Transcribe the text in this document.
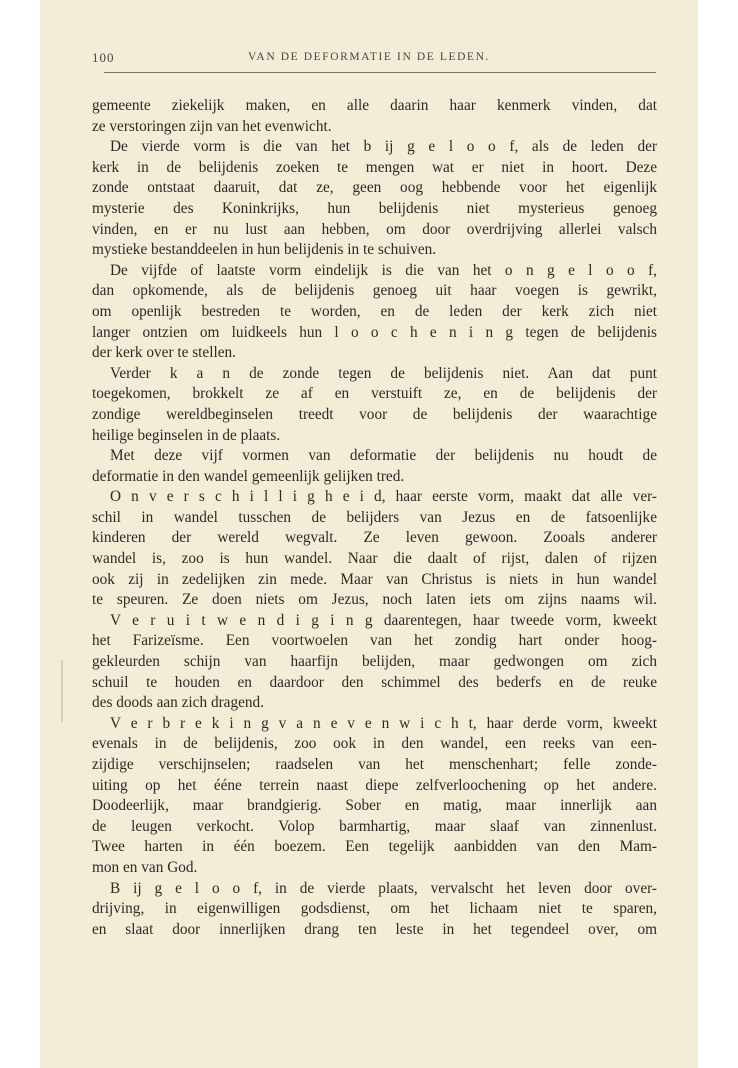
100	VAN DE DEFORMATIE IN DE LEDEN.
gemeente ziekelijk maken, en alle daarin haar kenmerk vinden, dat
ze verstoringen zijn van het evenwicht.
De vierde vorm is die van het b ij g e l o o f, als de leden der
kerk in de belijdenis zoeken te mengen wat er niet in hoort. Deze
zonde ontstaat daaruit, dat ze, geen oog hebbende voor het eigenlijk
mysterie des Koninkrijks, hun belijdenis niet mysterieus genoeg
vinden, en er nu lust aan hebben, om door overdrijving allerlei valsch
mystieke bestanddeelen in hun belijdenis in te schuiven.
De vijfde of laatste vorm eindelijk is die van het o n g e l o o f,
dan opkomende, als de belijdenis genoeg uit haar voegen is gewrikt,
om openlijk bestreden te worden, en de leden der kerk zich niet
langer ontzien om luidkeels hun l o o c h e n i n g tegen de belijdenis
der kerk over te stellen.
Verder k a n de zonde tegen de belijdenis niet. Aan dat punt
toegekomen, brokkelt ze af en verstuift ze, en de belijdenis der
zondige wereldbeginselen treedt voor de belijdenis der waarachtige
heilige beginselen in de plaats.
Met deze vijf vormen van deformatie der belijdenis nu houdt de
deformatie in den wandel gemeenlijk gelijken tred.
O n v e r s c h i l l i g h e i d, haar eerste vorm, maakt dat alle ver-
schil in wandel tusschen de belijders van Jezus en de fatsoenlijke
kinderen der wereld wegvalt. Ze leven gewoon. Zooals anderer
wandel is, zoo is hun wandel. Naar die daalt of rijst, dalen of rijzen
ook zij in zedelijken zin mede. Maar van Christus is niets in hun wandel
te speuren. Ze doen niets om Jezus, noch laten iets om zijns naams wil.
V e r u i t w e n d i g i n g daarentegen, haar tweede vorm, kweekt
het Farizeïsme. Een voortwoelen van het zondig hart onder hoog-
gekleurden schijn van haarfijn belijden, maar gedwongen om zich
schuil te houden en daardoor den schimmel des bederfs en de reuke
des doods aan zich dragend.
V e r b r e k i n g v a n e v e n w i c h t, haar derde vorm, kweekt
evenals in de belijdenis, zoo ook in den wandel, een reeks van een-
zijdige verschijnselen; raadselen van het menschenhart; felle zonde-
uiting op het ééne terrein naast diepe zelfverloochening op het andere.
Doodeerlijk, maar brandgierig. Sober en matig, maar innerlijk aan
de leugen verkocht. Volop barmhartig, maar slaaf van zinnenlust.
Twee harten in één boezem. Een tegelijk aanbidden van den Mam-
mon en van God.
B ij g e l o o f, in de vierde plaats, vervalscht het leven door over-
drijving, in eigenwilligen godsdienst, om het lichaam niet te sparen,
en slaat door innerlijken drang ten leste in het tegendeel over, om
